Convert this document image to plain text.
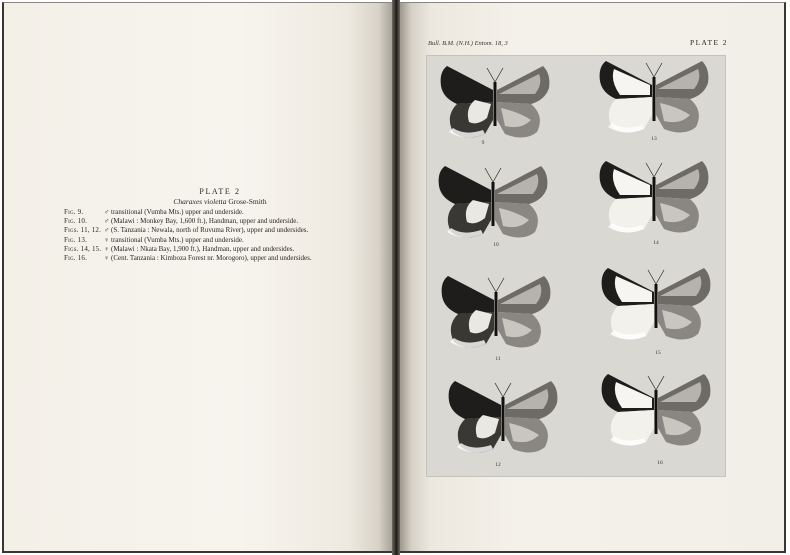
PLATE 2
Charaxes violetta Grose-Smith
Fig. 9.	♂ transitional (Vumba Mts.) upper and underside.
Fig. 10.	♂ (Malawi : Monkey Bay, 1,600 ft.), Handman, upper and underside.
Figs. 11, 12. ♂ (S. Tanzania : Newala, north of Ruvuma River), upper and undersides.
Fig. 13.	♀ transitional (Vumba Mts.) upper and underside.
Figs. 14, 15. ♀ (Malawi : Nkata Bay, 1,900 ft.), Handman, upper and undersides.
Fig. 16.	♀ (Cent. Tanzania : Kimboza Forest nr. Morogoro), upper and undersides.
Bull. B.M. (N.H.) Entom. 18, 3	PLATE 2
9
13
10	14
11
15
12	16
